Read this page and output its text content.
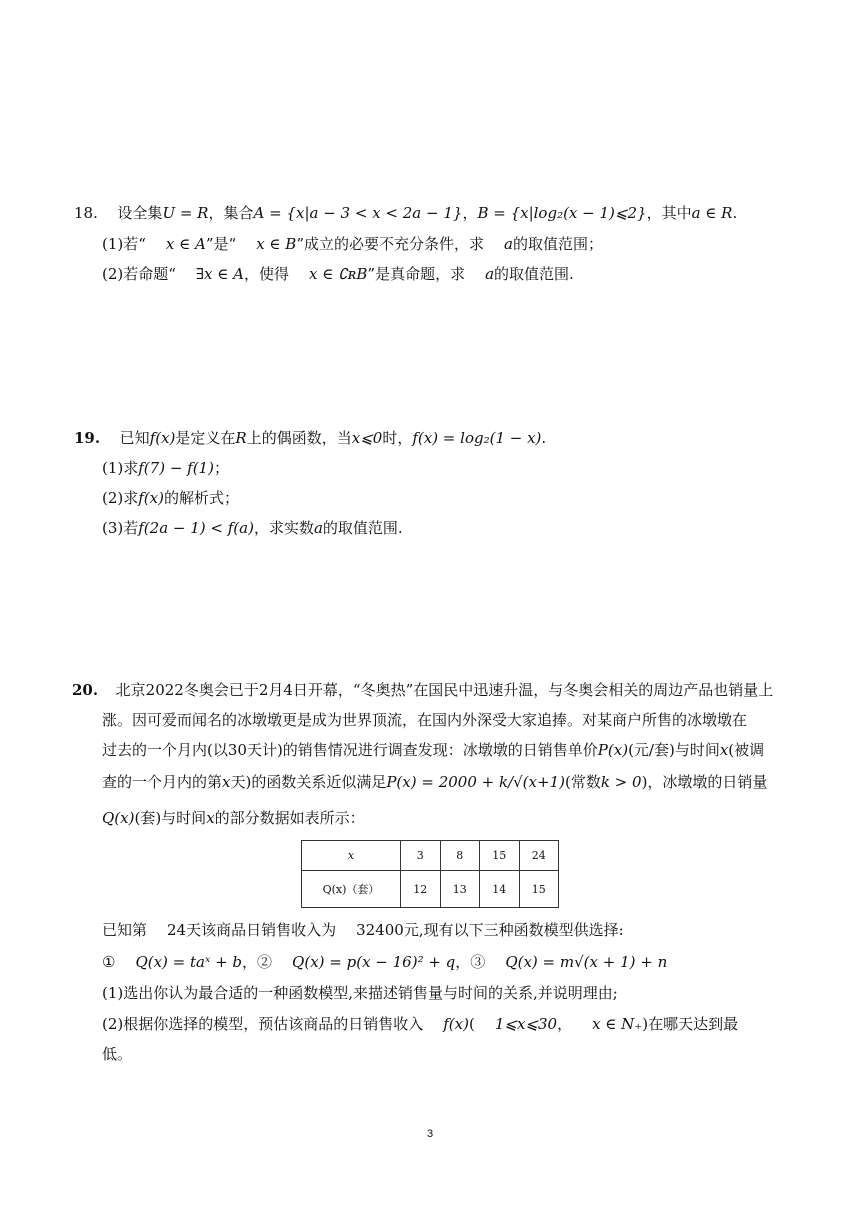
18. 设全集U = R，集合A = {x|a − 3 < x < 2a − 1}，B = {x|log₂(x − 1)⩽2}，其中a ∈ R.
(1)若“ x ∈ A”是“ x ∈ B”成立的必要不充分条件，求 a的取值范围；
(2)若命题“ ∃x ∈ A，使得 x ∈ ∁ʀB”是真命题，求 a的取值范围.
19. 已知f(x)是定义在R上的偶函数，当x⩽0时，f(x) = log₂(1 − x).
(1)求f(7) − f(1)；
(2)求f(x)的解析式；
(3)若f(2a − 1) < f(a)，求实数a的取值范围.
20. 北京2022冬奥会已于2月4日开幕，“冬奥热”在国民中迅速升温，与冬奥会相关的周边产品也销量上
涨。因可爱而闻名的冰墩墩更是成为世界顶流，在国内外深受大家追捧。对某商户所售的冰墩墩在
过去的一个月内(以30天计)的销售情况进行调查发现：冰墩墩的日销售单价P(x)(元/套)与时间x(被调
查的一个月内的第x天)的函数关系近似满足P(x) = 2000 + k/√(x+1)(常数k > 0)，冰墩墩的日销量
Q(x)(套)与时间x的部分数据如表所示：
x	3	8	15	24
Q(x)（套）	12	13	14	15
已知第 24天该商品日销售收入为 32400元,现有以下三种函数模型供选择:
① Q(x) = taˣ + b，② Q(x) = p(x − 16)² + q，③ Q(x) = m√(x + 1) + n
(1)选出你认为最合适的一种函数模型,来描述销售量与时间的关系,并说明理由;
(2)根据你选择的模型，预估该商品的日销售收入 f(x)( 1⩽x⩽30， x ∈ N₊)在哪天达到最
低。
3
